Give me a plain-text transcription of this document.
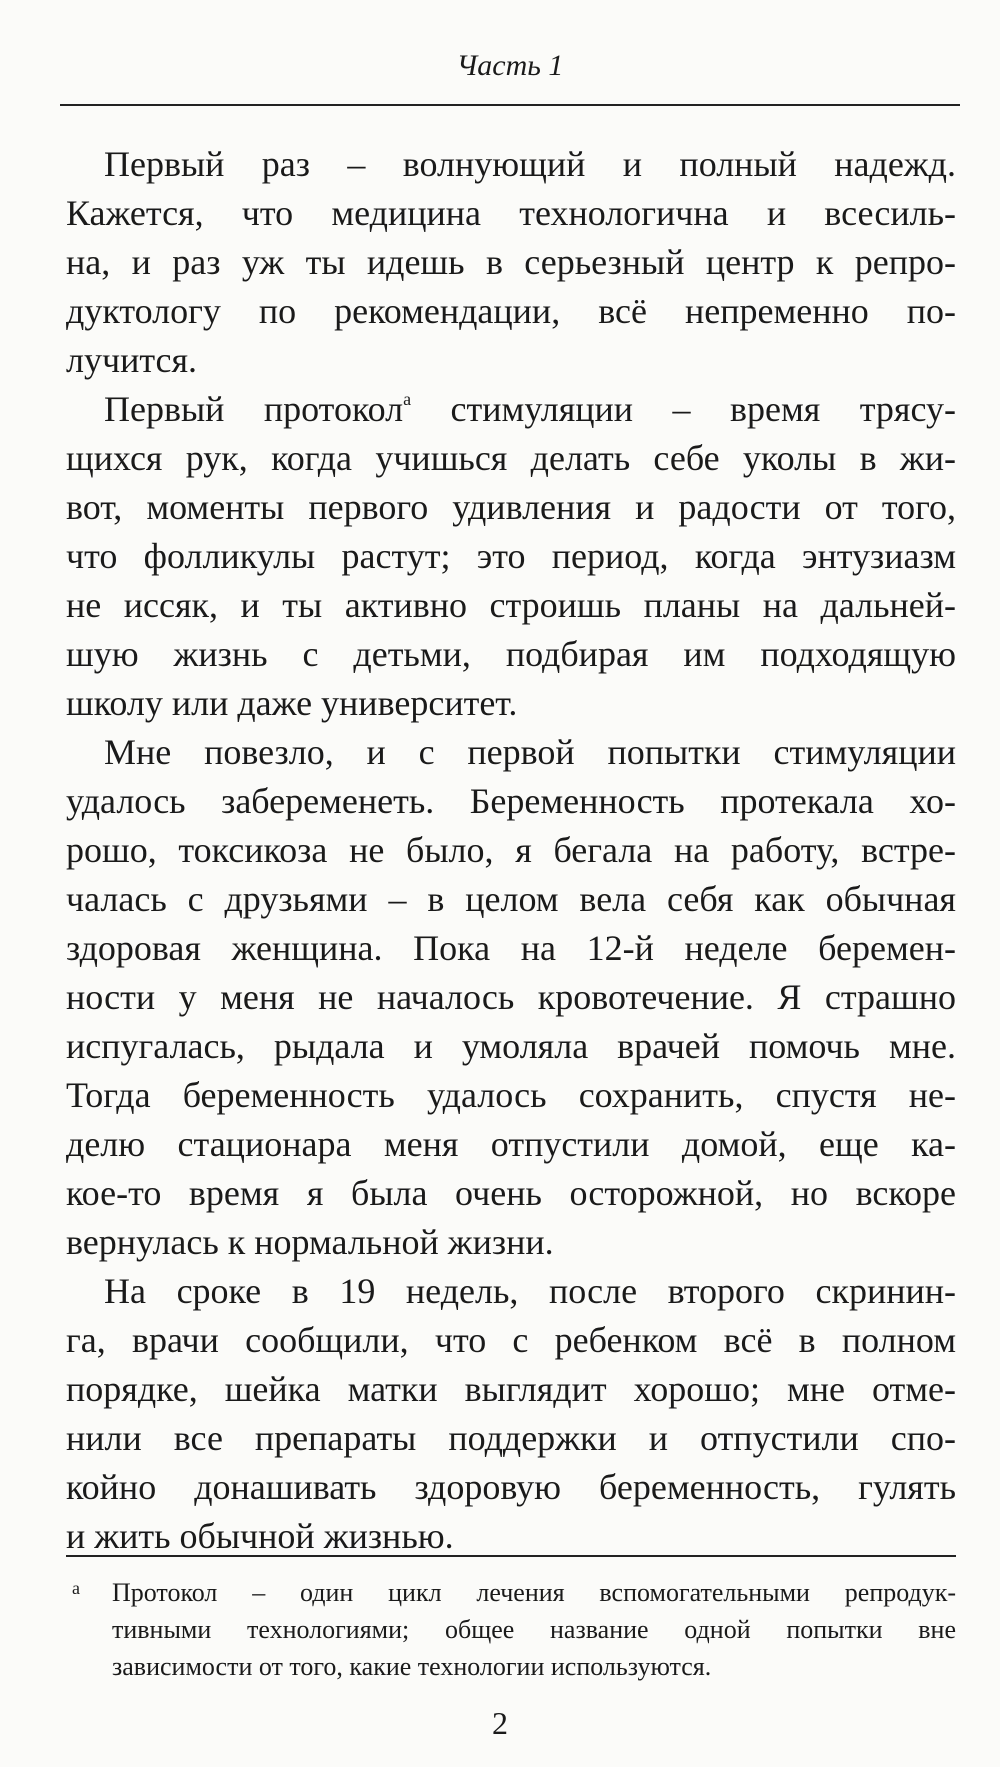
Часть 1
Первый раз – волнующий и полный надежд.
Кажется, что медицина технологична и всесиль-
на, и раз уж ты идешь в серьезный центр к репро-
дуктологу по рекомендации, всё непременно по-
лучится.
Первый протокол$^а$ стимуляции – время трясу-
щихся рук, когда учишься делать себе уколы в жи-
вот, моменты первого удивления и радости от того,
что фолликулы растут; это период, когда энтузиазм
не иссяк, и ты активно строишь планы на дальней-
шую жизнь с детьми, подбирая им подходящую
школу или даже университет.
Мне повезло, и с первой попытки стимуляции
удалось забеременеть. Беременность протекала хо-
рошо, токсикоза не было, я бегала на работу, встре-
чалась с друзьями – в целом вела себя как обычная
здоровая женщина. Пока на 12-й неделе беремен-
ности у меня не началось кровотечение. Я страшно
испугалась, рыдала и умоляла врачей помочь мне.
Тогда беременность удалось сохранить, спустя не-
делю стационара меня отпустили домой, еще ка-
кое-то время я была очень осторожной, но вскоре
вернулась к нормальной жизни.
На сроке в 19 недель, после второго скринин-
га, врачи сообщили, что с ребенком всё в полном
порядке, шейка матки выглядит хорошо; мне отме-
нили все препараты поддержки и отпустили спо-
койно донашивать здоровую беременность, гулять
и жить обычной жизнью.
а Протокол – один цикл лечения вспомогательными репродук-
тивными технологиями; общее название одной попытки вне
зависимости от того, какие технологии используются.
2
